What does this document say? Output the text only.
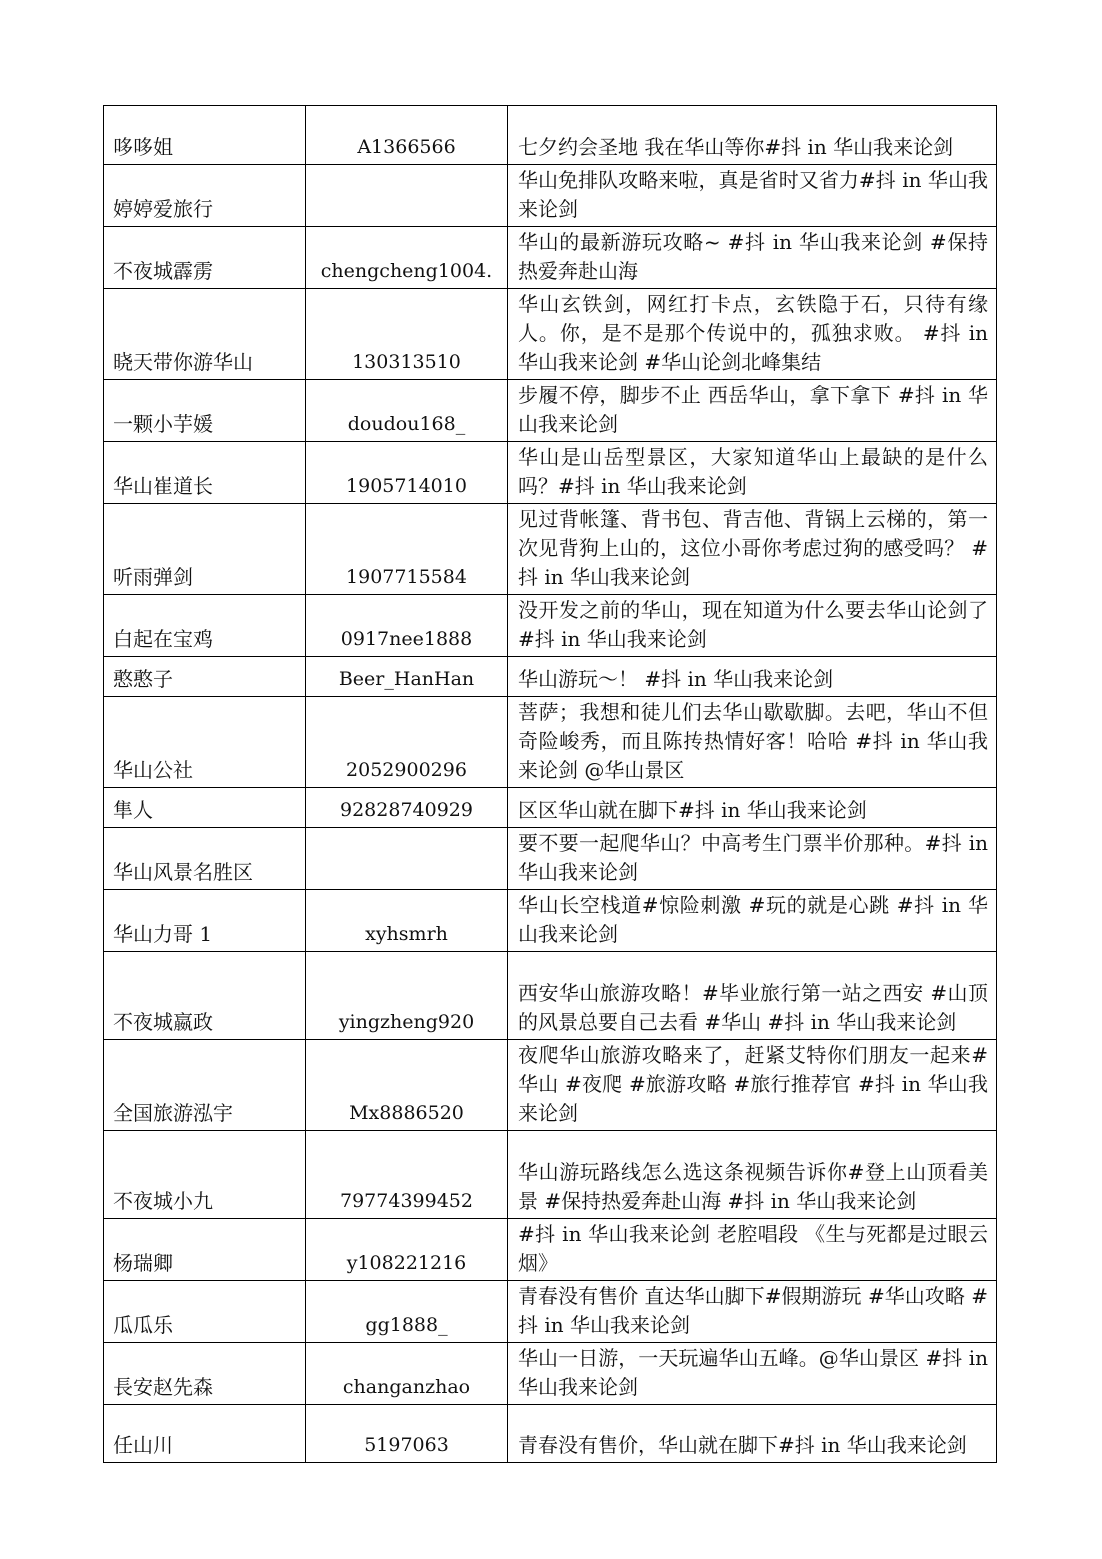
哆哆姐	A1366566	七夕约会圣地 我在华山等你#抖 in 华山我来论剑
婷婷爱旅行		华山免排队攻略来啦，真是省时又省力#抖 in 华山我来论剑
不夜城霹雳	chengcheng1004.	华山的最新游玩攻略~ #抖 in 华山我来论剑 #保持热爱奔赴山海
晓天带你游华山	130313510	华山玄铁剑，网红打卡点，玄铁隐于石，只待有缘人。你，是不是那个传说中的，孤独求败。 #抖 in 华山我来论剑 #华山论剑北峰集结
一颗小芋媛	doudou168_	步履不停，脚步不止 西岳华山，拿下拿下 #抖 in 华山我来论剑
华山崔道长	1905714010	华山是山岳型景区，大家知道华山上最缺的是什么吗？#抖 in 华山我来论剑
听雨弹剑	1907715584	见过背帐篷、背书包、背吉他、背锅上云梯的，第一次见背狗上山的，这位小哥你考虑过狗的感受吗？ #抖 in 华山我来论剑
白起在宝鸡	0917nee1888	没开发之前的华山，现在知道为什么要去华山论剑了#抖 in 华山我来论剑
憨憨子	Beer_HanHan	华山游玩～！ #抖 in 华山我来论剑
华山公社	2052900296	菩萨；我想和徒儿们去华山歇歇脚。去吧，华山不但奇险峻秀，而且陈抟热情好客！哈哈 #抖 in 华山我来论剑 @华山景区
隼人	92828740929	区区华山就在脚下#抖 in 华山我来论剑
华山风景名胜区		要不要一起爬华山？中高考生门票半价那种。#抖 in 华山我来论剑
华山力哥 1	xyhsmrh	华山长空栈道#惊险刺激 #玩的就是心跳 #抖 in 华山我来论剑
不夜城嬴政	yingzheng920	西安华山旅游攻略！#毕业旅行第一站之西安 #山顶的风景总要自己去看 #华山 #抖 in 华山我来论剑
全国旅游泓宇	Mx8886520	夜爬华山旅游攻略来了，赶紧艾特你们朋友一起来#华山 #夜爬 #旅游攻略 #旅行推荐官 #抖 in 华山我来论剑
不夜城小九	79774399452	华山游玩路线怎么选这条视频告诉你#登上山顶看美景 #保持热爱奔赴山海 #抖 in 华山我来论剑
杨瑞卿	y108221216	#抖 in 华山我来论剑 老腔唱段 《生与死都是过眼云烟》
瓜瓜乐	gg1888_	青春没有售价 直达华山脚下#假期游玩 #华山攻略 #抖 in 华山我来论剑
長安赵先森	changanzhao	华山一日游，一天玩遍华山五峰。@华山景区 #抖 in 华山我来论剑
任山川	5197063	青春没有售价，华山就在脚下#抖 in 华山我来论剑
